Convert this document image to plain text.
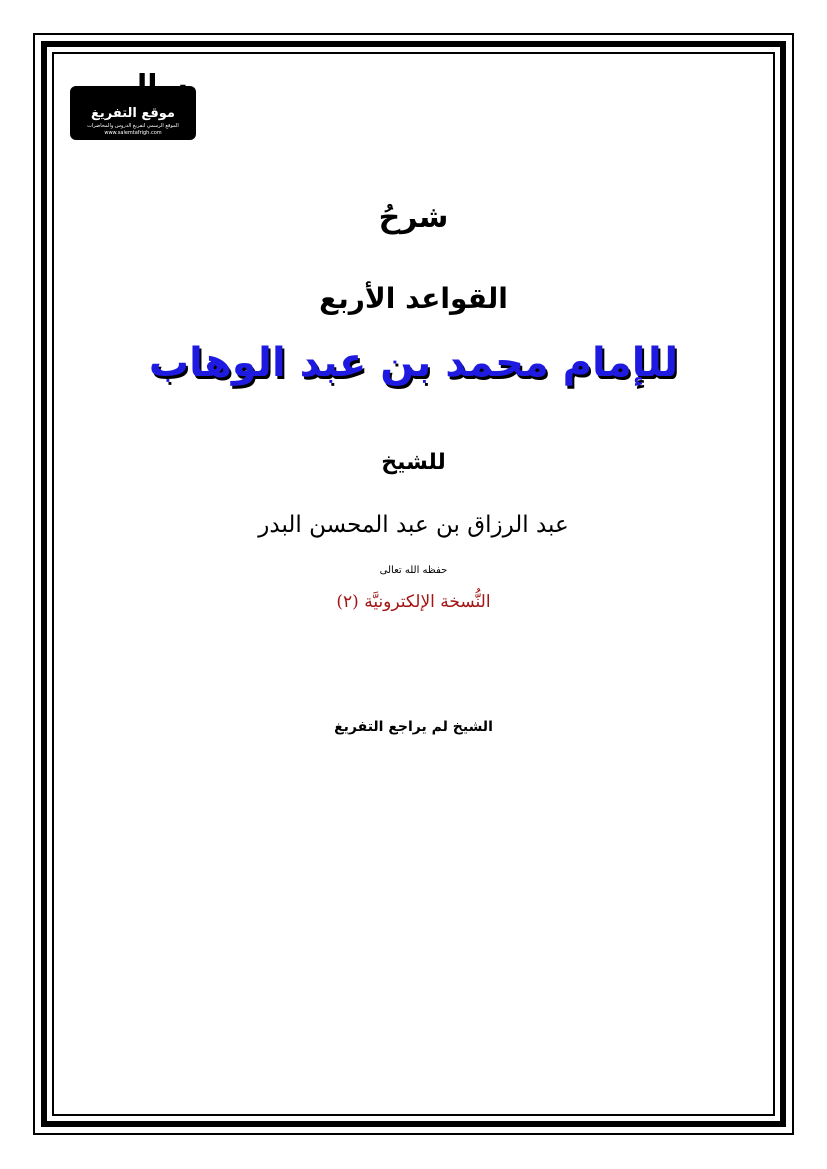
سالم
موقع التفريغ
الموقع الرسمي لتفريغ الدروس والمحاضرات
www.salemtafrigh.com
شرحُ
القواعد الأربع
للإمام محمد بن عبد الوهاب
للشيخ
عبد الرزاق بن عبد المحسن البدر
حفظه الله تعالى
النُّسخة الإلكترونيَّة (٢)
الشيخ لم يراجع التفريغ
